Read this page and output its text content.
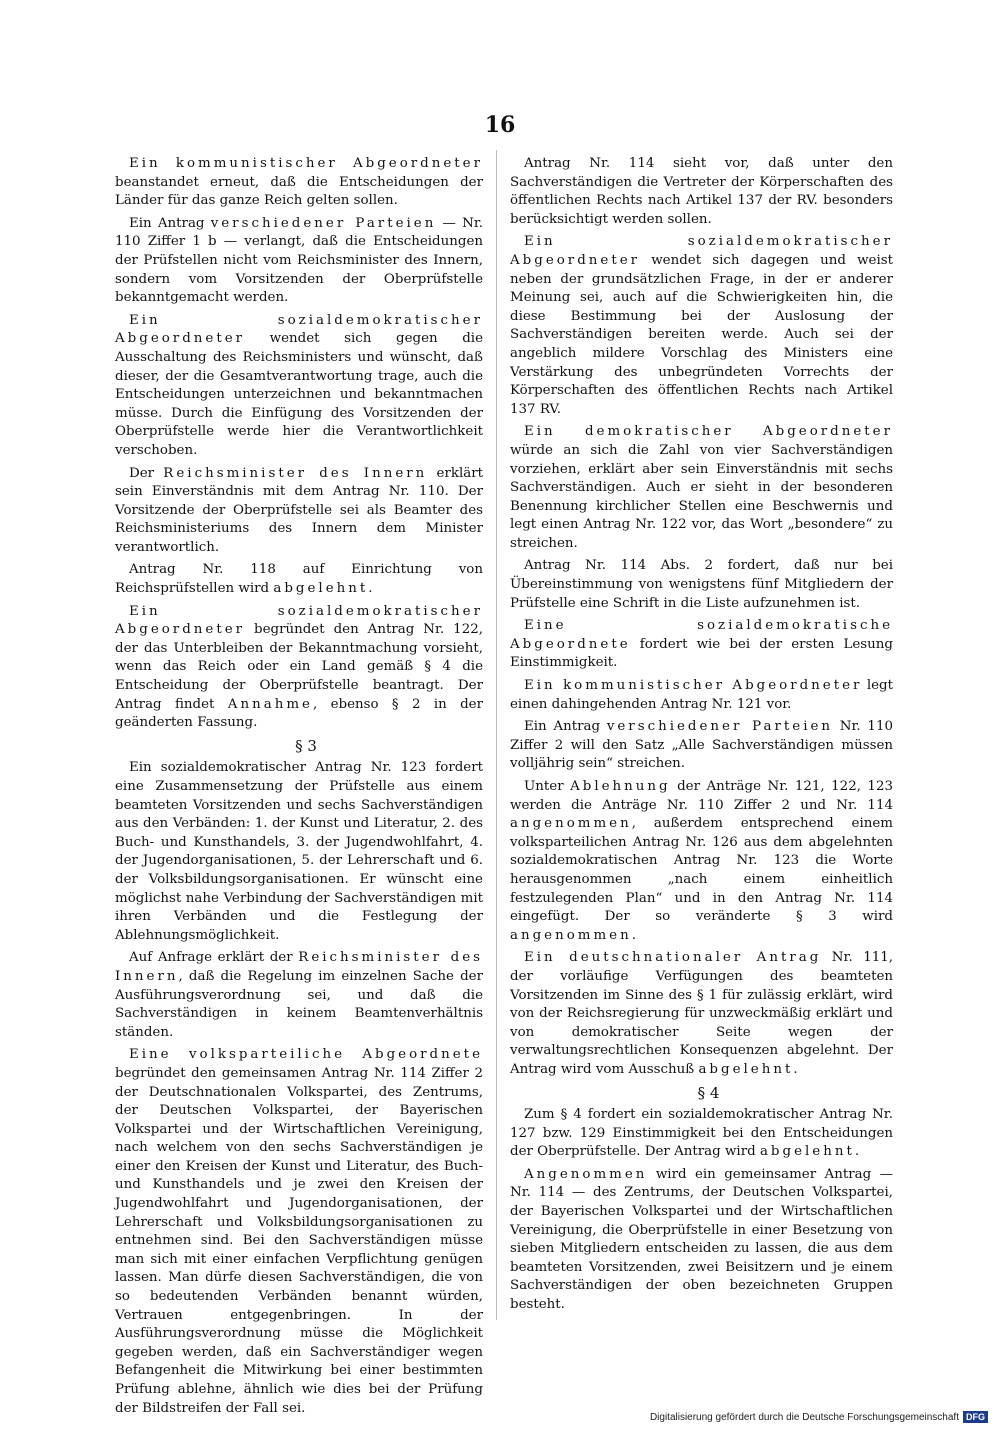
16

Ein kommunistischer Abgeordneter beanstandet erneut, daß die Entscheidungen der Länder für das ganze Reich gelten sollen.

Ein Antrag verschiedener Parteien — Nr. 110 Ziffer 1 b — verlangt, daß die Entscheidungen der Prüfstellen nicht vom Reichsminister des Innern, sondern vom Vorsitzenden der Oberprüfstelle bekanntgemacht werden.

Ein sozialdemokratischer Abgeordneter wendet sich gegen die Ausschaltung des Reichsministers und wünscht, daß dieser, der die Gesamtverantwortung trage, auch die Entscheidungen unterzeichnen und bekanntmachen müsse. Durch die Einfügung des Vorsitzenden der Oberprüfstelle werde hier die Verantwortlichkeit verschoben.

Der Reichsminister des Innern erklärt sein Einverständnis mit dem Antrag Nr. 110. Der Vorsitzende der Oberprüfstelle sei als Beamter des Reichsministeriums des Innern dem Minister verantwortlich.

Antrag Nr. 118 auf Einrichtung von Reichsprüfstellen wird abgelehnt.

Ein sozialdemokratischer Abgeordneter begründet den Antrag Nr. 122, der das Unterbleiben der Bekanntmachung vorsieht, wenn das Reich oder ein Land gemäß § 4 die Entscheidung der Oberprüfstelle beantragt. Der Antrag findet Annahme, ebenso § 2 in der geänderten Fassung.

§ 3

Ein sozialdemokratischer Antrag Nr. 123 fordert eine Zusammensetzung der Prüfstelle aus einem beamteten Vorsitzenden und sechs Sachverständigen aus den Verbänden: 1. der Kunst und Literatur, 2. des Buch- und Kunsthandels, 3. der Jugendwohlfahrt, 4. der Jugendorganisationen, 5. der Lehrerschaft und 6. der Volksbildungsorganisationen. Er wünscht eine möglichst nahe Verbindung der Sachverständigen mit ihren Verbänden und die Festlegung der Ablehnungsmöglichkeit.

Auf Anfrage erklärt der Reichsminister des Innern, daß die Regelung im einzelnen Sache der Ausführungsverordnung sei, und daß die Sachverständigen in keinem Beamtenverhältnis ständen.

Eine volksparteiliche Abgeordnete begründet den gemeinsamen Antrag Nr. 114 Ziffer 2 der Deutschnationalen Volkspartei, des Zentrums, der Deutschen Volkspartei, der Bayerischen Volkspartei und der Wirtschaftlichen Vereinigung, nach welchem von den sechs Sachverständigen je einer den Kreisen der Kunst und Literatur, des Buch- und Kunsthandels und je zwei den Kreisen der Jugendwohlfahrt und Jugendorganisationen, der Lehrerschaft und Volksbildungsorganisationen zu entnehmen sind. Bei den Sachverständigen müsse man sich mit einer einfachen Verpflichtung genügen lassen. Man dürfe diesen Sachverständigen, die von so bedeutenden Verbänden benannt würden, Vertrauen entgegenbringen. In der Ausführungsverordnung müsse die Möglichkeit gegeben werden, daß ein Sachverständiger wegen Befangenheit die Mitwirkung bei einer bestimmten Prüfung ablehne, ähnlich wie dies bei der Prüfung der Bildstreifen der Fall sei.

Antrag Nr. 114 sieht vor, daß unter den Sachverständigen die Vertreter der Körperschaften des öffentlichen Rechts nach Artikel 137 der RV. besonders berücksichtigt werden sollen.

Ein sozialdemokratischer Abgeordneter wendet sich dagegen und weist neben der grundsätzlichen Frage, in der er anderer Meinung sei, auch auf die Schwierigkeiten hin, die diese Bestimmung bei der Auslosung der Sachverständigen bereiten werde. Auch sei der angeblich mildere Vorschlag des Ministers eine Verstärkung des unbegründeten Vorrechts der Körperschaften des öffentlichen Rechts nach Artikel 137 RV.

Ein demokratischer Abgeordneter würde an sich die Zahl von vier Sachverständigen vorziehen, erklärt aber sein Einverständnis mit sechs Sachverständigen. Auch er sieht in der besonderen Benennung kirchlicher Stellen eine Beschwernis und legt einen Antrag Nr. 122 vor, das Wort „besondere“ zu streichen.

Antrag Nr. 114 Abs. 2 fordert, daß nur bei Übereinstimmung von wenigstens fünf Mitgliedern der Prüfstelle eine Schrift in die Liste aufzunehmen ist.

Eine sozialdemokratische Abgeordnete fordert wie bei der ersten Lesung Einstimmigkeit.

Ein kommunistischer Abgeordneter legt einen dahingehenden Antrag Nr. 121 vor.

Ein Antrag verschiedener Parteien Nr. 110 Ziffer 2 will den Satz „Alle Sachverständigen müssen volljährig sein“ streichen.

Unter Ablehnung der Anträge Nr. 121, 122, 123 werden die Anträge Nr. 110 Ziffer 2 und Nr. 114 angenommen, außerdem entsprechend einem volksparteilichen Antrag Nr. 126 aus dem abgelehnten sozialdemokratischen Antrag Nr. 123 die Worte herausgenommen „nach einem einheitlich festzulegenden Plan“ und in den Antrag Nr. 114 eingefügt. Der so veränderte § 3 wird angenommen.

Ein deutschnationaler Antrag Nr. 111, der vorläufige Verfügungen des beamteten Vorsitzenden im Sinne des § 1 für zulässig erklärt, wird von der Reichsregierung für unzweckmäßig erklärt und von demokratischer Seite wegen der verwaltungsrechtlichen Konsequenzen abgelehnt. Der Antrag wird vom Ausschuß abgelehnt.

§ 4

Zum § 4 fordert ein sozialdemokratischer Antrag Nr. 127 bzw. 129 Einstimmigkeit bei den Entscheidungen der Oberprüfstelle. Der Antrag wird abgelehnt.

Angenommen wird ein gemeinsamer Antrag — Nr. 114 — des Zentrums, der Deutschen Volkspartei, der Bayerischen Volkspartei und der Wirtschaftlichen Vereinigung, die Oberprüfstelle in einer Besetzung von sieben Mitgliedern entscheiden zu lassen, die aus dem beamteten Vorsitzenden, zwei Beisitzern und je einem Sachverständigen der oben bezeichneten Gruppen besteht.

Digitalisierung gefördert durch die Deutsche Forschungsgemeinschaft DFG
